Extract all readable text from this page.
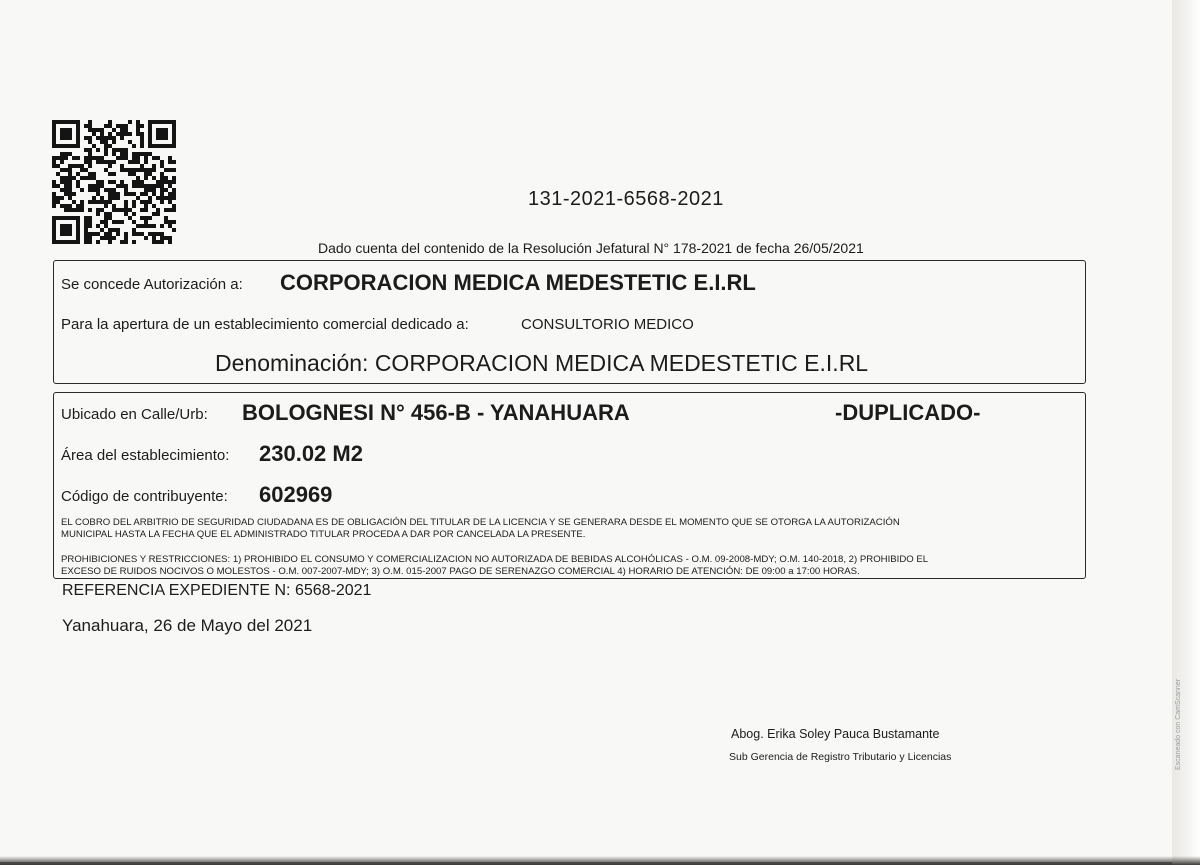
131-2021-6568-2021
Dado cuenta del contenido de la Resolución Jefatural N° 178-2021 de fecha 26/05/2021
Se concede Autorización a: CORPORACION MEDICA MEDESTETIC E.I.RL
Para la apertura de un establecimiento comercial dedicado a:	CONSULTORIO MEDICO
Denominación: CORPORACION MEDICA MEDESTETIC E.I.RL
Ubicado en Calle/Urb: BOLOGNESI N° 456-B - YANAHUARA	-DUPLICADO-
Área del establecimiento: 230.02 M2
Código de contribuyente: 602969
EL COBRO DEL ARBITRIO DE SEGURIDAD CIUDADANA ES DE OBLIGACIÓN DEL TITULAR DE LA LICENCIA Y SE GENERARA DESDE EL MOMENTO QUE SE OTORGA LA AUTORIZACIÓN
MUNICIPAL HASTA LA FECHA QUE EL ADMINISTRADO TITULAR PROCEDA A DAR POR CANCELADA LA PRESENTE.
PROHIBICIONES Y RESTRICCIONES: 1) PROHIBIDO EL CONSUMO Y COMERCIALIZACION NO AUTORIZADA DE BEBIDAS ALCOHÓLICAS - O.M. 09-2008-MDY; O.M. 140-2018, 2) PROHIBIDO EL
EXCESO DE RUIDOS NOCIVOS O MOLESTOS - O.M. 007-2007-MDY; 3) O.M. 015-2007 PAGO DE SERENAZGO COMERCIAL 4) HORARIO DE ATENCIÓN: DE 09:00 a 17:00 HORAS.
REFERENCIA EXPEDIENTE N: 6568-2021
Yanahuara, 26 de Mayo del 2021
Abog. Erika Soley Pauca Bustamante
Sub Gerencia de Registro Tributario y Licencias	Escaneado con CamScanner
